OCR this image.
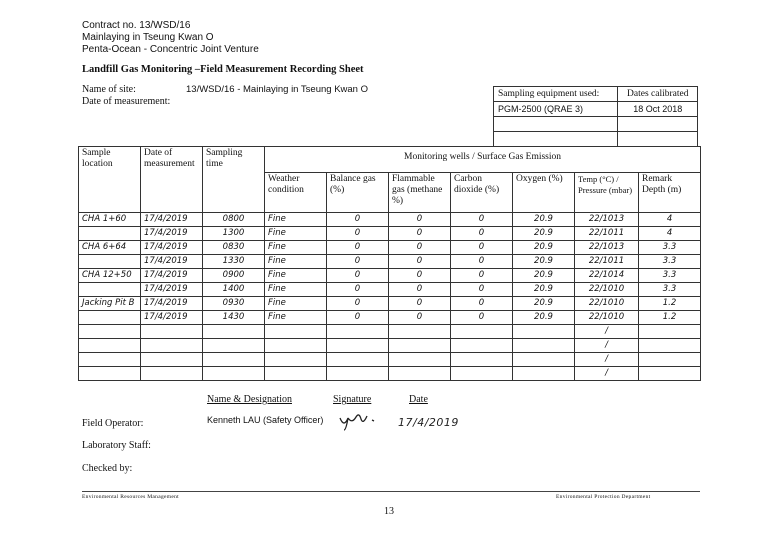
Contract no. 13/WSD/16
Mainlaying in Tseung Kwan O
Penta-Ocean - Concentric Joint Venture
Landfill Gas Monitoring –Field Measurement Recording Sheet
Name of site:	13/WSD/16 - Mainlaying in Tseung Kwan O
Date of measurement:
Sampling equipment used:	Dates calibrated
PGM-2500 (QRAE 3)	18 Oct 2018

Sample location	Date of measurement	Sampling time	Monitoring wells / Surface Gas Emission						
			Weather condition	Balance gas (%)	Flammable gas (methane %)	Carbon dioxide (%)	Oxygen (%)	Temp (°C) / Pressure (mbar)	Remark Depth (m)
CHA 1+60	17/4/2019	0800	Fine	0	0	0	20.9	22/1013	4
	17/4/2019	1300	Fine	0	0	0	20.9	22/1011	4
CHA 6+64	17/4/2019	0830	Fine	0	0	0	20.9	22/1013	3.3
	17/4/2019	1330	Fine	0	0	0	20.9	22/1011	3.3
CHA 12+50	17/4/2019	0900	Fine	0	0	0	20.9	22/1014	3.3
	17/4/2019	1400	Fine	0	0	0	20.9	22/1010	3.3
Jacking Pit B	17/4/2019	0930	Fine	0	0	0	20.9	22/1010	1.2
	17/4/2019	1430	Fine	0	0	0	20.9	22/1010	1.2
								/	
								/	
								/	
								/	
Name & Designation	Signature	Date
Field Operator:	Kenneth LAU (Safety Officer)	17/4/2019
Laboratory Staff:
Checked by:
Environmental Resources Management	Environmental Protection Department
13
